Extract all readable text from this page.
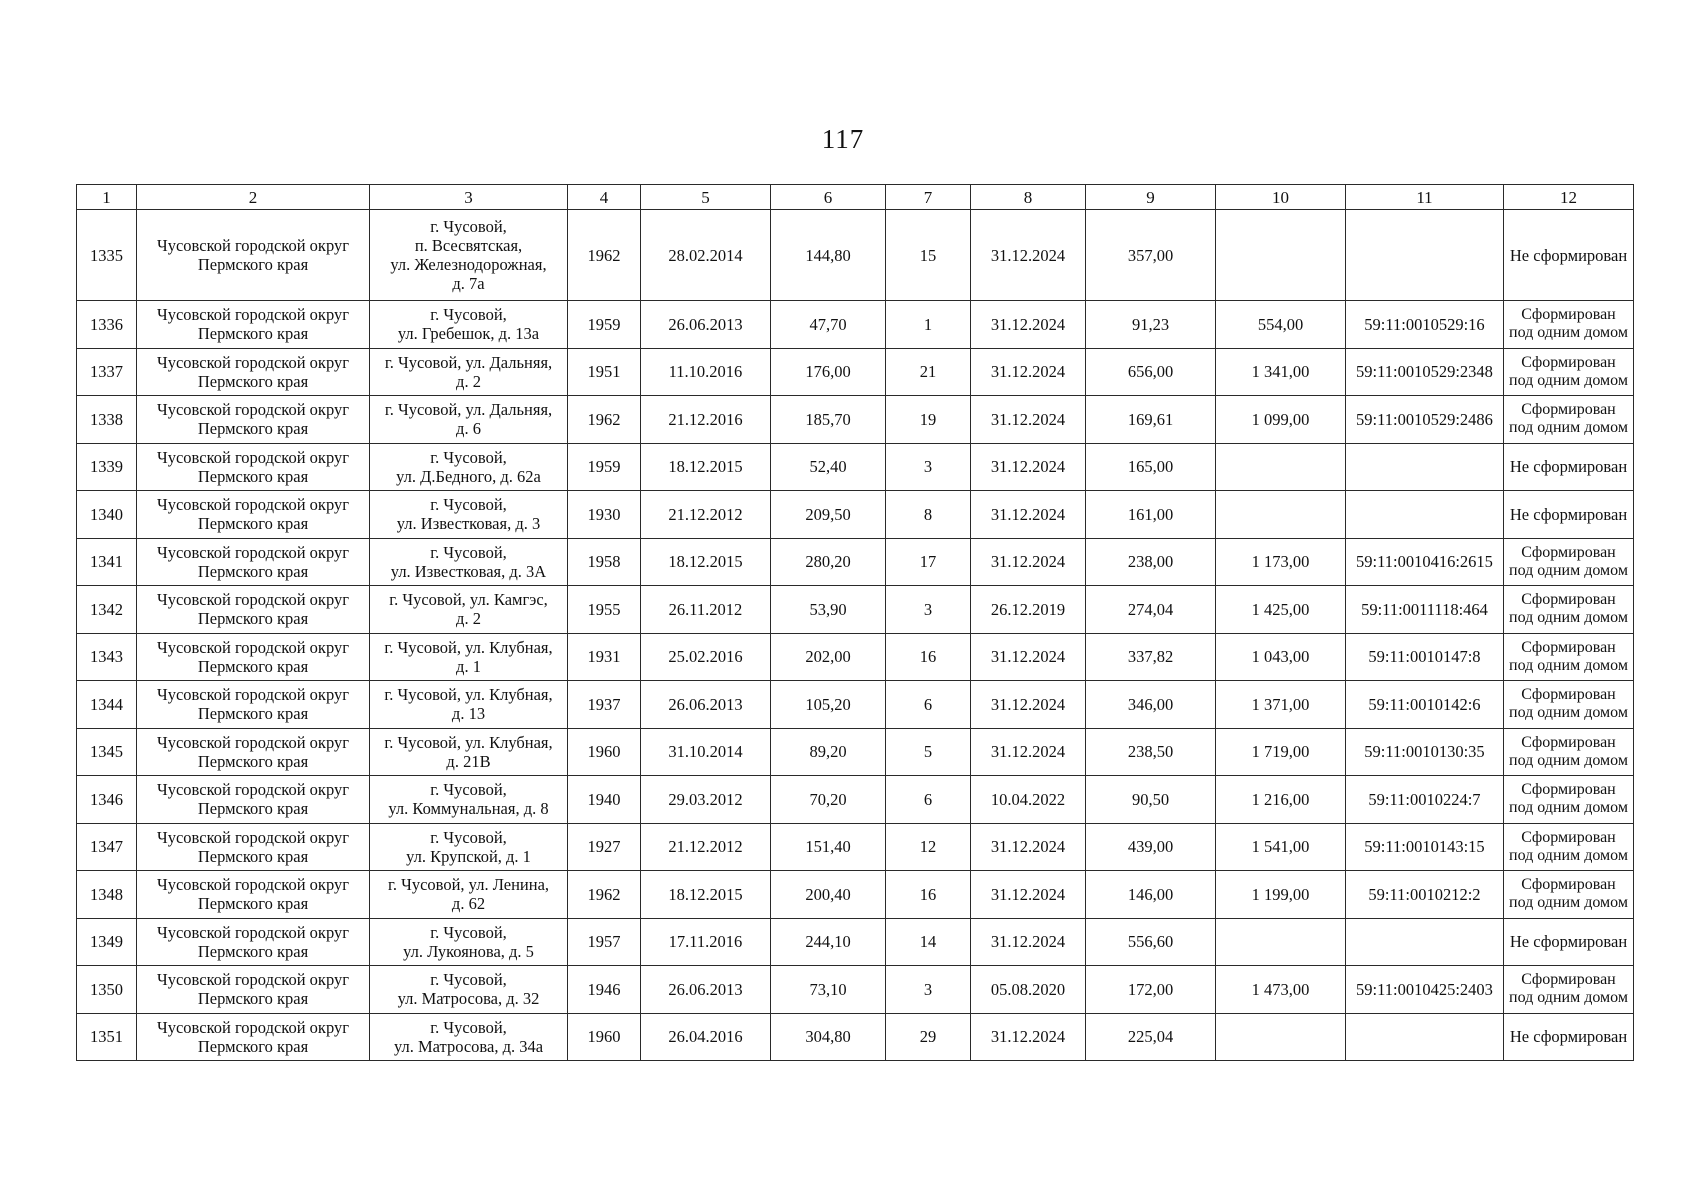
117
1	2	3	4	5	6	7	8	9	10	11	12
1335	Чусовской городской округ
Пермского края	г. Чусовой,
п. Всесвятская,
ул. Железнодорожная,
д. 7а	1962	28.02.2014	144,80	15	31.12.2024	357,00			Не сформирован

1336	Чусовской городской округ
Пермского края	г. Чусовой,
ул. Гребешок, д. 13а	1959	26.06.2013	47,70	1	31.12.2024	91,23	554,00	59:11:0010529:16	Сформирован
под одним домом

1337	Чусовской городской округ
Пермского края	г. Чусовой, ул. Дальняя,
д. 2	1951	11.10.2016	176,00	21	31.12.2024	656,00	1 341,00	59:11:0010529:2348	Сформирован
под одним домом

1338	Чусовской городской округ
Пермского края	г. Чусовой, ул. Дальняя,
д. 6	1962	21.12.2016	185,70	19	31.12.2024	169,61	1 099,00	59:11:0010529:2486	Сформирован
под одним домом

1339	Чусовской городской округ
Пермского края	г. Чусовой,
ул. Д.Бедного, д. 62а	1959	18.12.2015	52,40	3	31.12.2024	165,00			Не сформирован

1340	Чусовской городской округ
Пермского края	г. Чусовой,
ул. Известковая, д. 3	1930	21.12.2012	209,50	8	31.12.2024	161,00			Не сформирован

1341	Чусовской городской округ
Пермского края	г. Чусовой,
ул. Известковая, д. 3А	1958	18.12.2015	280,20	17	31.12.2024	238,00	1 173,00	59:11:0010416:2615	Сформирован
под одним домом

1342	Чусовской городской округ
Пермского края	г. Чусовой, ул. Камгэс,
д. 2	1955	26.11.2012	53,90	3	26.12.2019	274,04	1 425,00	59:11:0011118:464	Сформирован
под одним домом

1343	Чусовской городской округ
Пермского края	г. Чусовой, ул. Клубная,
д. 1	1931	25.02.2016	202,00	16	31.12.2024	337,82	1 043,00	59:11:0010147:8	Сформирован
под одним домом

1344	Чусовской городской округ
Пермского края	г. Чусовой, ул. Клубная,
д. 13	1937	26.06.2013	105,20	6	31.12.2024	346,00	1 371,00	59:11:0010142:6	Сформирован
под одним домом

1345	Чусовской городской округ
Пермского края	г. Чусовой, ул. Клубная,
д. 21В	1960	31.10.2014	89,20	5	31.12.2024	238,50	1 719,00	59:11:0010130:35	Сформирован
под одним домом

1346	Чусовской городской округ
Пермского края	г. Чусовой,
ул. Коммунальная, д. 8	1940	29.03.2012	70,20	6	10.04.2022	90,50	1 216,00	59:11:0010224:7	Сформирован
под одним домом

1347	Чусовской городской округ
Пермского края	г. Чусовой,
ул. Крупской, д. 1	1927	21.12.2012	151,40	12	31.12.2024	439,00	1 541,00	59:11:0010143:15	Сформирован
под одним домом

1348	Чусовской городской округ
Пермского края	г. Чусовой, ул. Ленина,
д. 62	1962	18.12.2015	200,40	16	31.12.2024	146,00	1 199,00	59:11:0010212:2	Сформирован
под одним домом

1349	Чусовской городской округ
Пермского края	г. Чусовой,
ул. Лукоянова, д. 5	1957	17.11.2016	244,10	14	31.12.2024	556,60			Не сформирован

1350	Чусовской городской округ
Пермского края	г. Чусовой,
ул. Матросова, д. 32	1946	26.06.2013	73,10	3	05.08.2020	172,00	1 473,00	59:11:0010425:2403	Сформирован
под одним домом

1351	Чусовской городской округ
Пермского края	г. Чусовой,
ул. Матросова, д. 34а	1960	26.04.2016	304,80	29	31.12.2024	225,04			Не сформирован
